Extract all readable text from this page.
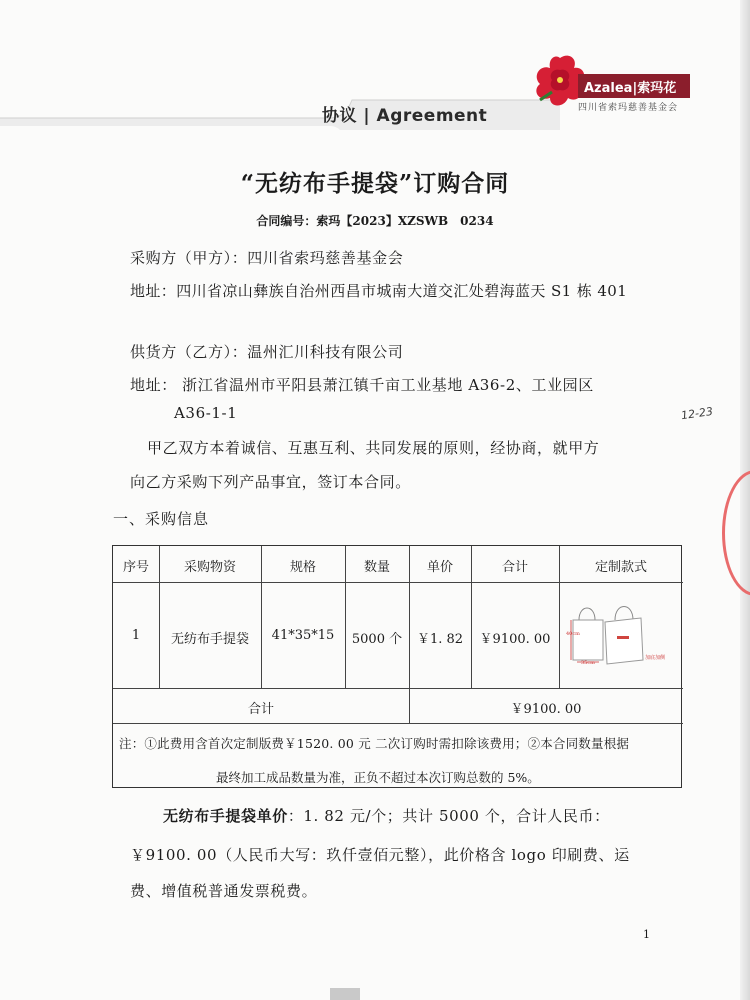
协议 | Agreement
Azalea|索玛花
四川省索玛慈善基金会
“无纺布手提袋”订购合同
合同编号：索玛【2023】XZSWB　0234
采购方（甲方）：四川省索玛慈善基金会
地址：四川省凉山彝族自治州西昌市城南大道交汇处碧海蓝天 S1 栋 401
供货方（乙方）：温州汇川科技有限公司
地址： 浙江省温州市平阳县萧江镇千亩工业基地 A36-2、工业园区
A36-1-1	12-23
甲乙双方本着诚信、互惠互利、共同发展的原则，经协商，就甲方
向乙方采购下列产品事宜，签订本合同。
一、采购信息
序号	采购物资	规格	数量	单价	合计	定制款式
1	无纺布手提袋	41*35*15	5000 个	￥1. 82	￥9100. 00	40cm
35cm
加底加侧
合计	￥9100. 00
注：①此费用含首次定制版费￥1520. 00 元 二次订购时需扣除该费用；②本合同数量根据
最终加工成品数量为准，正负不超过本次订购总数的 5%。
无纺布手提袋单价：1. 82 元/个；共计 5000 个，合计人民币：
￥9100. 00（人民币大写：玖仟壹佰元整），此价格含 logo 印刷费、运
费、增值税普通发票税费。
1
